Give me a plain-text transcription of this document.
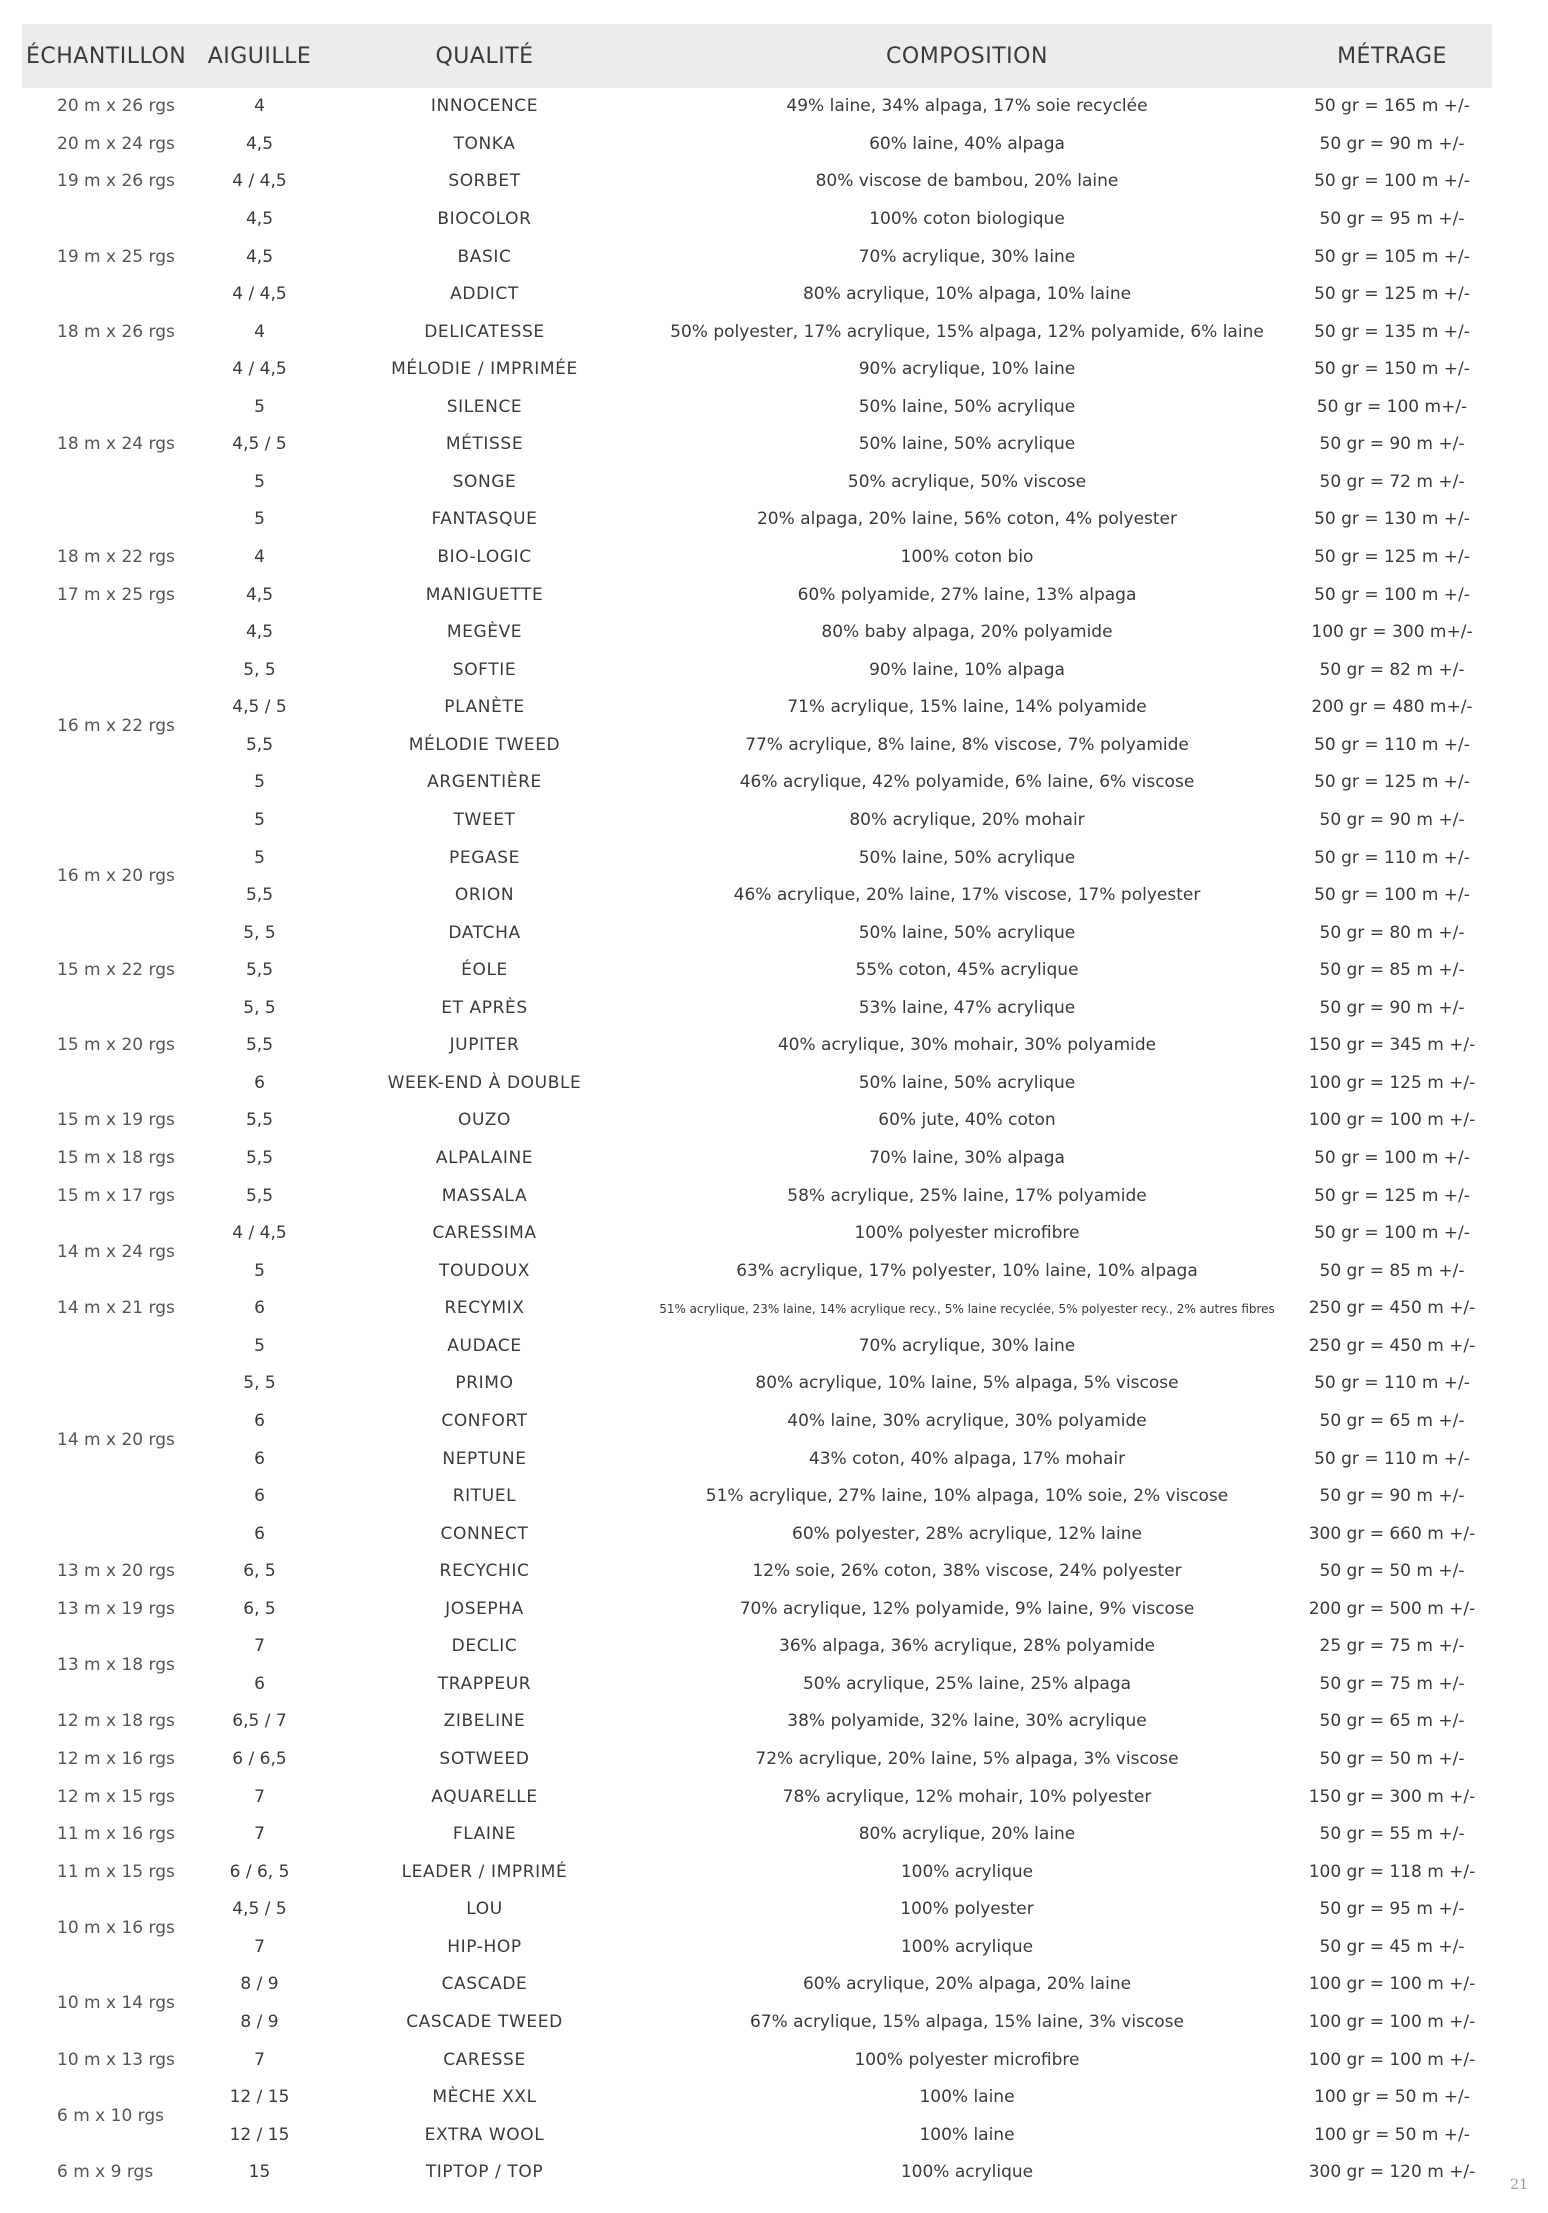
ÉCHANTILLON	AIGUILLE	QUALITÉ	COMPOSITION	MÉTRAGE
20 m x 26 rgs	4	INNOCENCE	49% laine, 34% alpaga, 17% soie recyclée	50 gr = 165 m +/-
20 m x 24 rgs	4,5	TONKA	60% laine, 40% alpaga	50 gr = 90 m +/-
19 m x 26 rgs	4 / 4,5	SORBET	80% viscose de bambou, 20% laine	50 gr = 100 m +/-
	4,5	BIOCOLOR	100% coton biologique	50 gr = 95 m +/-
19 m x 25 rgs	4,5	BASIC	70% acrylique, 30% laine	50 gr = 105 m +/-
	4 / 4,5	ADDICT	80% acrylique, 10% alpaga, 10% laine	50 gr = 125 m +/-
18 m x 26 rgs	4	DELICATESSE	50% polyester, 17% acrylique, 15% alpaga, 12% polyamide, 6% laine	50 gr = 135 m +/-
	4 / 4,5	MÉLODIE / IMPRIMÉE	90% acrylique, 10% laine	50 gr = 150 m +/-
	5	SILENCE	50% laine, 50% acrylique	50 gr = 100 m+/-
18 m x 24 rgs	4,5 / 5	MÉTISSE	50% laine, 50% acrylique	50 gr = 90 m +/-
	5	SONGE	50% acrylique, 50% viscose	50 gr = 72 m +/-
	5	FANTASQUE	20% alpaga, 20% laine, 56% coton, 4% polyester	50 gr = 130 m +/-
18 m x 22 rgs	4	BIO-LOGIC	100% coton bio	50 gr = 125 m +/-
17 m x 25 rgs	4,5	MANIGUETTE	60% polyamide, 27% laine, 13% alpaga	50 gr = 100 m +/-
	4,5	MEGÈVE	80% baby alpaga, 20% polyamide	100 gr = 300 m+/-
	5, 5	SOFTIE	90% laine, 10% alpaga	50 gr = 82 m +/-
16 m x 22 rgs	4,5 / 5	PLANÈTE	71% acrylique, 15% laine, 14% polyamide	200 gr = 480 m+/-
	5,5	MÉLODIE TWEED	77% acrylique, 8% laine, 8% viscose, 7% polyamide	50 gr = 110 m +/-
	5	ARGENTIÈRE	46% acrylique, 42% polyamide, 6% laine, 6% viscose	50 gr = 125 m +/-
	5	TWEET	80% acrylique, 20% mohair	50 gr = 90 m +/-
16 m x 20 rgs	5	PEGASE	50% laine, 50% acrylique	50 gr = 110 m +/-
	5,5	ORION	46% acrylique, 20% laine, 17% viscose, 17% polyester	50 gr = 100 m +/-
	5, 5	DATCHA	50% laine, 50% acrylique	50 gr = 80 m +/-
15 m x 22 rgs	5,5	ÉOLE	55% coton, 45% acrylique	50 gr = 85 m +/-
	5, 5	ET APRÈS	53% laine, 47% acrylique	50 gr = 90 m +/-
15 m x 20 rgs	5,5	JUPITER	40% acrylique, 30% mohair, 30% polyamide	150 gr = 345 m +/-
	6	WEEK-END À DOUBLE	50% laine, 50% acrylique	100 gr = 125 m +/-
15 m x 19 rgs	5,5	OUZO	60% jute, 40% coton	100 gr = 100 m +/-
15 m x 18 rgs	5,5	ALPALAINE	70% laine, 30% alpaga	50 gr = 100 m +/-
15 m x 17 rgs	5,5	MASSALA	58% acrylique, 25% laine, 17% polyamide	50 gr = 125 m +/-
14 m x 24 rgs	4 / 4,5	CARESSIMA	100% polyester microfibre	50 gr = 100 m +/-
	5	TOUDOUX	63% acrylique, 17% polyester, 10% laine, 10% alpaga	50 gr = 85 m +/-
14 m x 21 rgs	6	RECYMIX	51% acrylique, 23% laine, 14% acrylique recy., 5% laine recyclée, 5% polyester recy., 2% autres fibres	250 gr = 450 m +/-
14 m x 20 rgs	5	AUDACE	70% acrylique, 30% laine	250 gr = 450 m +/-
	5, 5	PRIMO	80% acrylique, 10% laine, 5% alpaga, 5% viscose	50 gr = 110 m +/-
	6	CONFORT	40% laine, 30% acrylique, 30% polyamide	50 gr = 65 m +/-
	6	NEPTUNE	43% coton, 40% alpaga, 17% mohair	50 gr = 110 m +/-
	6	RITUEL	51% acrylique, 27% laine, 10% alpaga, 10% soie, 2% viscose	50 gr = 90 m +/-
	6	CONNECT	60% polyester, 28% acrylique, 12% laine	300 gr = 660 m +/-
13 m x 20 rgs	6, 5	RECYCHIC	12% soie, 26% coton, 38% viscose, 24% polyester	50 gr = 50 m +/-
13 m x 19 rgs	6, 5	JOSEPHA	70% acrylique, 12% polyamide, 9% laine, 9% viscose	200 gr = 500 m +/-
13 m x 18 rgs	7	DECLIC	36% alpaga, 36% acrylique, 28% polyamide	25 gr = 75 m +/-
	6	TRAPPEUR	50% acrylique, 25% laine, 25% alpaga	50 gr = 75 m +/-
12 m x 18 rgs	6,5 / 7	ZIBELINE	38% polyamide, 32% laine, 30% acrylique	50 gr = 65 m +/-
12 m x 16 rgs	6 / 6,5	SOTWEED	72% acrylique, 20% laine, 5% alpaga, 3% viscose	50 gr = 50 m +/-
12 m x 15 rgs	7	AQUARELLE	78% acrylique, 12% mohair, 10% polyester	150 gr = 300 m +/-
11 m x 16 rgs	7	FLAINE	80% acrylique, 20% laine	50 gr = 55 m +/-
11 m x 15 rgs	6 / 6, 5	LEADER / IMPRIMÉ	100% acrylique	100 gr = 118 m +/-
10 m x 16 rgs	4,5 / 5	LOU	100% polyester	50 gr = 95 m +/-
	7	HIP-HOP	100% acrylique	50 gr = 45 m +/-
10 m x 14 rgs	8 / 9	CASCADE	60% acrylique, 20% alpaga, 20% laine	100 gr = 100 m +/-
	8 / 9	CASCADE TWEED	67% acrylique, 15% alpaga, 15% laine, 3% viscose	100 gr = 100 m +/-
10 m x 13 rgs	7	CARESSE	100% polyester microfibre	100 gr = 100 m +/-
6 m x 10 rgs	12 / 15	MÈCHE XXL	100% laine	100 gr = 50 m +/-
	12 / 15	EXTRA WOOL	100% laine	100 gr = 50 m +/-
6 m x 9 rgs	15	TIPTOP / TOP	100% acrylique	300 gr = 120 m +/-
21
